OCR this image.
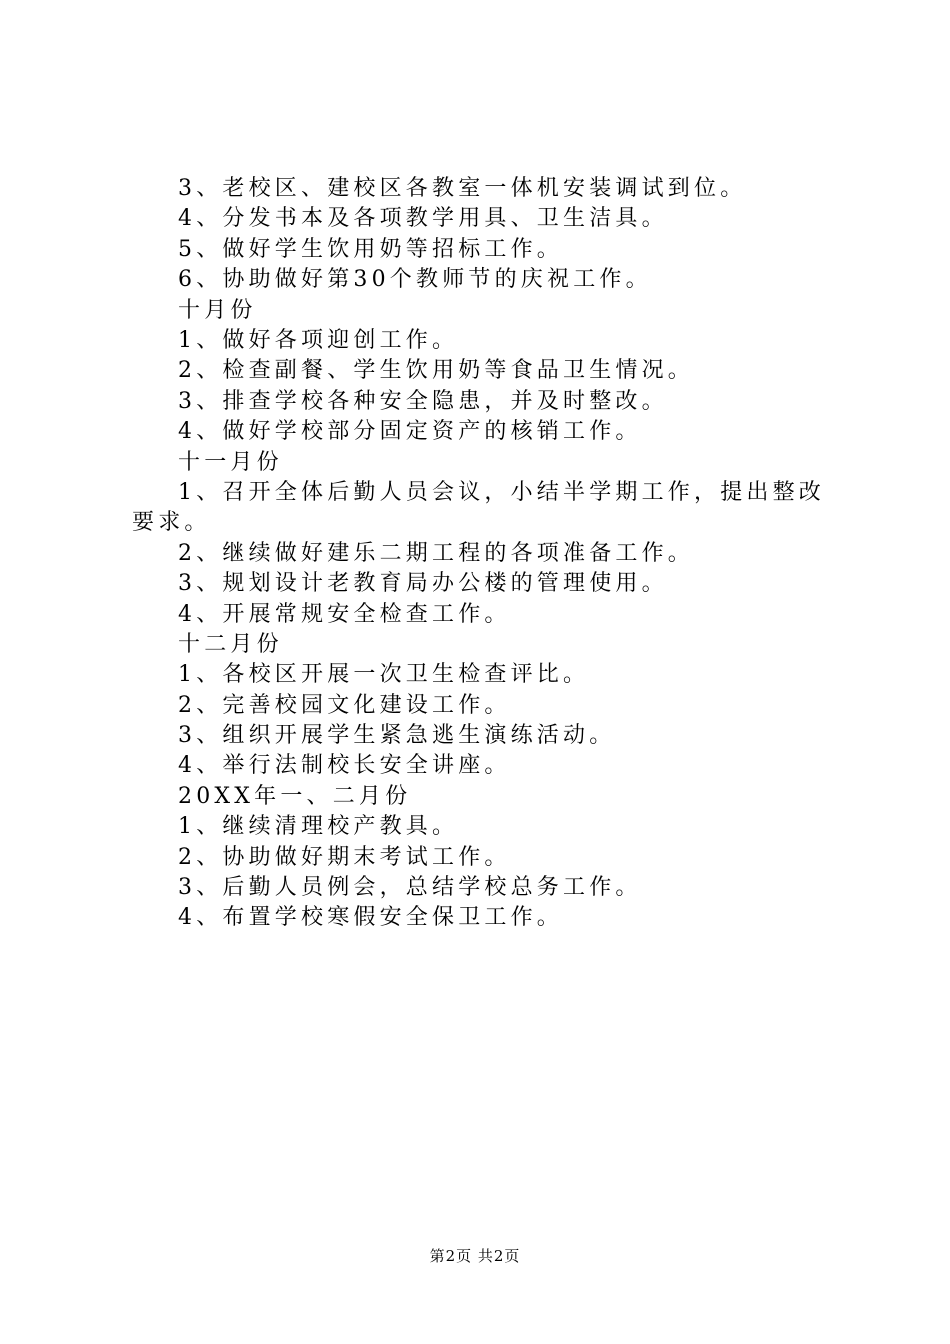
3、老校区、建校区各教室一体机安装调试到位。
4、分发书本及各项教学用具、卫生洁具。
5、做好学生饮用奶等招标工作。
6、协助做好第30个教师节的庆祝工作。
十月份
1、做好各项迎创工作。
2、检查副餐、学生饮用奶等食品卫生情况。
3、排查学校各种安全隐患，并及时整改。
4、做好学校部分固定资产的核销工作。
十一月份
1、召开全体后勤人员会议，小结半学期工作，提出整改要求。
2、继续做好建乐二期工程的各项准备工作。
3、规划设计老教育局办公楼的管理使用。
4、开展常规安全检查工作。
十二月份
1、各校区开展一次卫生检查评比。
2、完善校园文化建设工作。
3、组织开展学生紧急逃生演练活动。
4、举行法制校长安全讲座。
20XX年一、二月份
1、继续清理校产教具。
2、协助做好期末考试工作。
3、后勤人员例会，总结学校总务工作。
4、布置学校寒假安全保卫工作。
第2页 共2页
